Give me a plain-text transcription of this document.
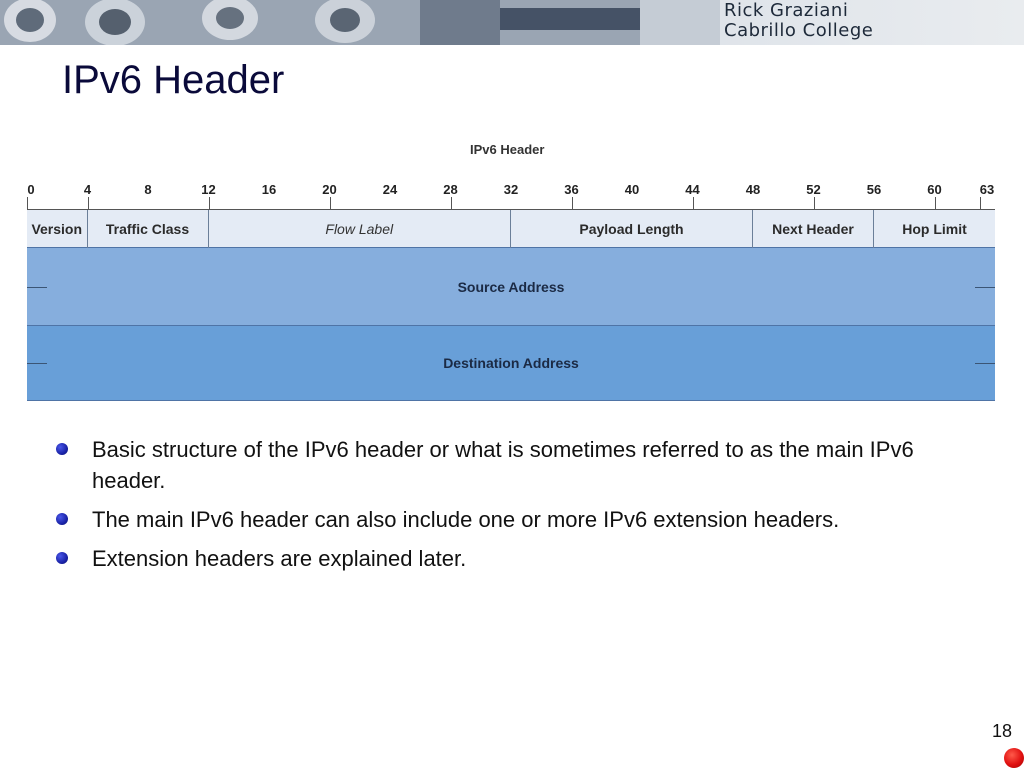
Rick Graziani
Cabrillo College
IPv6 Header
IPv6 Header
0	4	8	12	16	20	24	28	32	36	40	44	48	52	56	60	63
Version	Traffic Class	Flow Label	Payload Length	Next Header	Hop Limit
Source Address
Destination Address
Basic structure of the IPv6 header or what is sometimes referred to as the main IPv6 header.
The main IPv6 header can also include one or more IPv6 extension headers.
Extension headers are explained later.
18
